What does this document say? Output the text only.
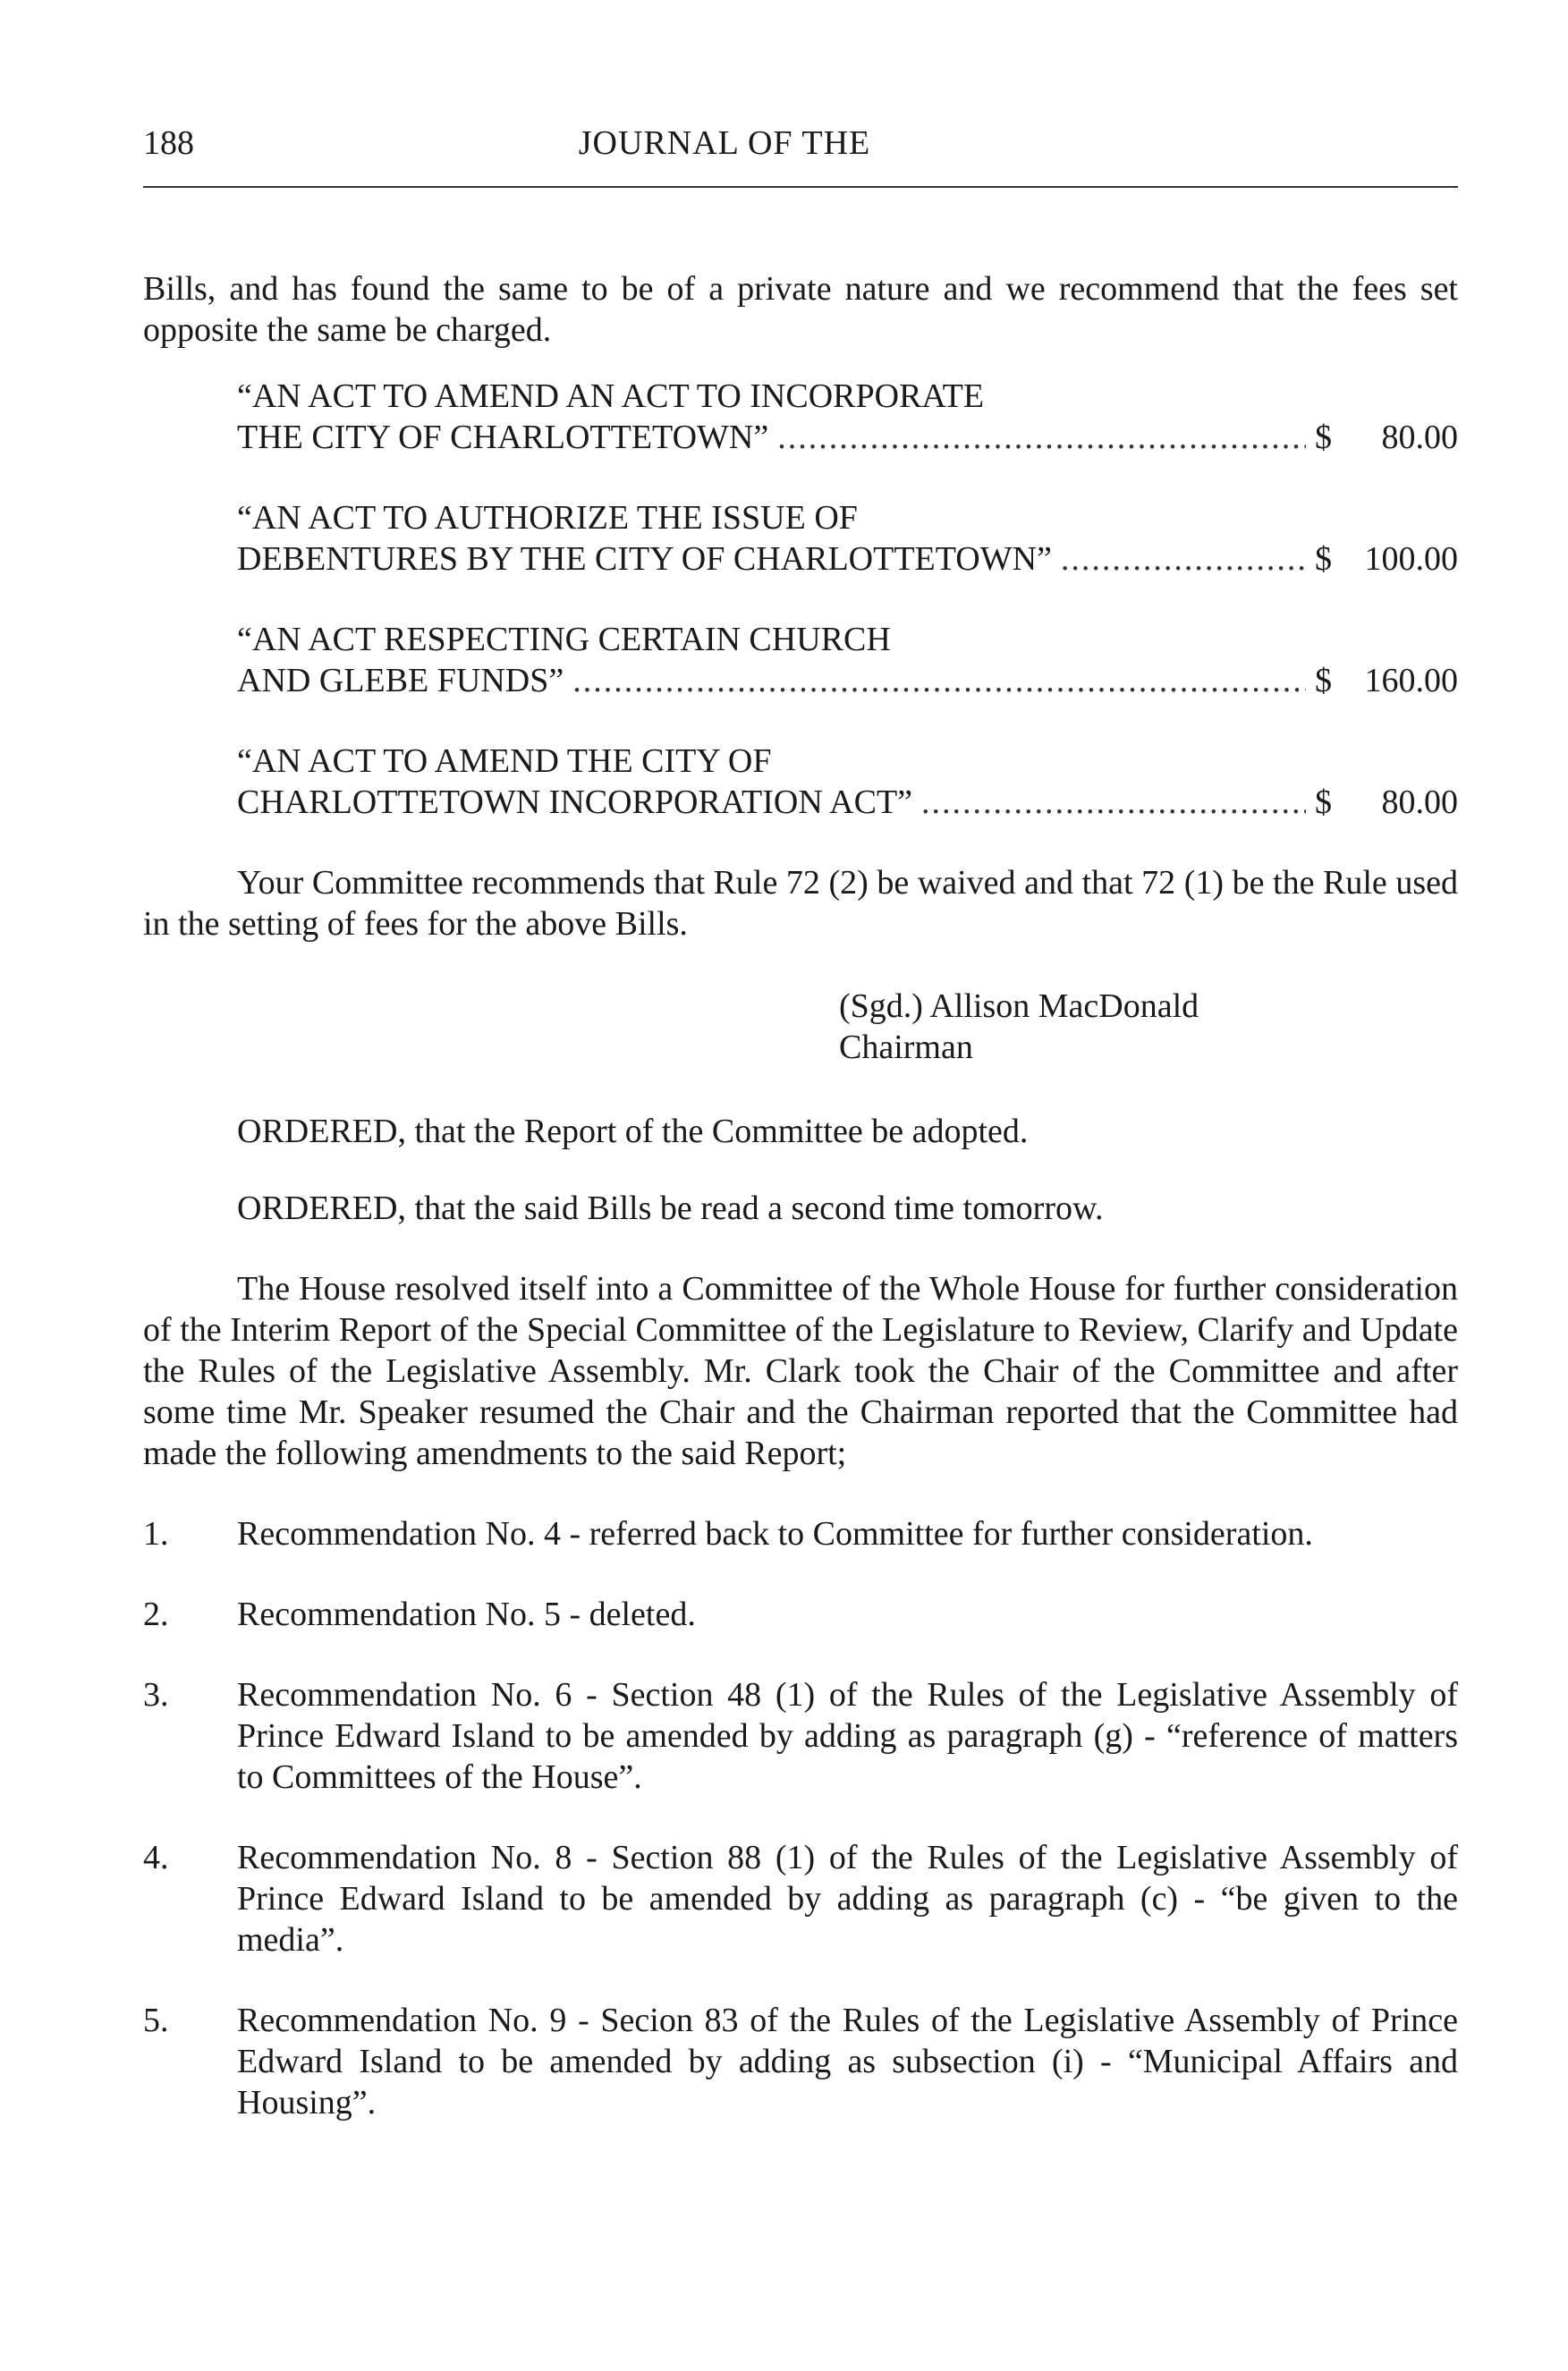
188	JOURNAL OF THE

Bills, and has found the same to be of a private nature and we recommend that the fees set opposite the same be charged.

“AN ACT TO AMEND AN ACT TO INCORPORATE
THE CITY OF CHARLOTTETOWN” .....	$ 80.00
“AN ACT TO AUTHORIZE THE ISSUE OF
DEBENTURES BY THE CITY OF CHARLOTTETOWN” .....	$ 100.00
“AN ACT RESPECTING CERTAIN CHURCH
AND GLEBE FUNDS” .....	$ 160.00
“AN ACT TO AMEND THE CITY OF
CHARLOTTETOWN INCORPORATION ACT” .....	$ 80.00

Your Committee recommends that Rule 72 (2) be waived and that 72 (1) be the Rule used in the setting of fees for the above Bills.

(Sgd.) Allison MacDonald
Chairman

ORDERED, that the Report of the Committee be adopted.

ORDERED, that the said Bills be read a second time tomorrow.

The House resolved itself into a Committee of the Whole House for further consideration of the Interim Report of the Special Committee of the Legislature to Review, Clarify and Update the Rules of the Legislative Assembly. Mr. Clark took the Chair of the Committee and after some time Mr. Speaker resumed the Chair and the Chairman reported that the Committee had made the following amendments to the said Report;

1.	Recommendation No. 4 - referred back to Committee for further consideration.
2.	Recommendation No. 5 - deleted.
3.	Recommendation No. 6 - Section 48 (1) of the Rules of the Legislative Assembly of Prince Edward Island to be amended by adding as paragraph (g) - “reference of matters to Committees of the House”.
4.	Recommendation No. 8 - Section 88 (1) of the Rules of the Legislative Assembly of Prince Edward Island to be amended by adding as paragraph (c) - “be given to the media”.
5.	Recommendation No. 9 - Secion 83 of the Rules of the Legislative Assembly of Prince Edward Island to be amended by adding as subsection (i) - “Municipal Affairs and Housing”.
